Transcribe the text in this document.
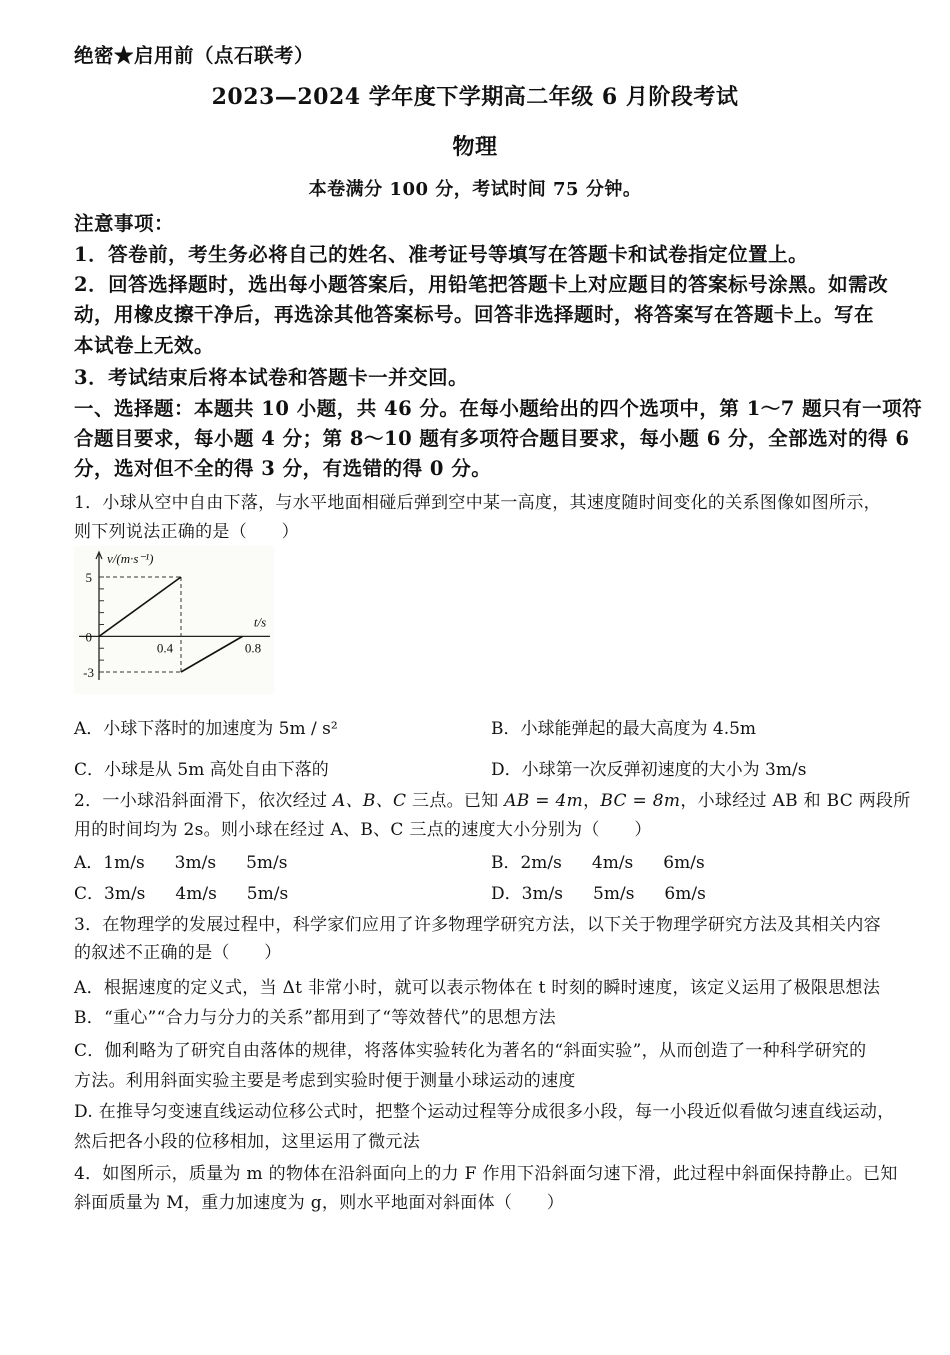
绝密★启用前（点石联考）
2023—2024 学年度下学期高二年级 6 月阶段考试
物理
本卷满分 100 分，考试时间 75 分钟。
注意事项：
1．答卷前，考生务必将自己的姓名、准考证号等填写在答题卡和试卷指定位置上。
2．回答选择题时，选出每小题答案后，用铅笔把答题卡上对应题目的答案标号涂黑。如需改
动，用橡皮擦干净后，再选涂其他答案标号。回答非选择题时，将答案写在答题卡上。写在
本试卷上无效。
3．考试结束后将本试卷和答题卡一并交回。
一、选择题：本题共 10 小题，共 46 分。在每小题给出的四个选项中，第 1～7 题只有一项符
合题目要求，每小题 4 分；第 8～10 题有多项符合题目要求，每小题 6 分，全部选对的得 6
分，选对但不全的得 3 分，有选错的得 0 分。
1．小球从空中自由下落，与水平地面相碰后弹到空中某一高度，其速度随时间变化的关系图像如图所示，
则下列说法正确的是（　　）
v/(m·s⁻¹)
t/s
5
0
-3
0.4	0.8
A．小球下落时的加速度为 5m / s²	B．小球能弹起的最大高度为 4.5m
C．小球是从 5m 高处自由下落的	D．小球第一次反弹初速度的大小为 3m/s
2．一小球沿斜面滑下，依次经过 A、B、C 三点。已知 AB = 4m，BC = 8m，小球经过 AB 和 BC 两段所
用的时间均为 2s。则小球在经过 A、B、C 三点的速度大小分别为（　　）
A．1m/s 3m/s 5m/s	B．2m/s 4m/s 6m/s
C．3m/s 4m/s 5m/s	D．3m/s 5m/s 6m/s
3．在物理学的发展过程中，科学家们应用了许多物理学研究方法，以下关于物理学研究方法及其相关内容
的叙述不正确的是（　　）
A．根据速度的定义式，当 Δt 非常小时，就可以表示物体在 t 时刻的瞬时速度，该定义运用了极限思想法
B．“重心”“合力与分力的关系”都用到了“等效替代”的思想方法
C．伽利略为了研究自由落体的规律，将落体实验转化为著名的“斜面实验”，从而创造了一种科学研究的
方法。利用斜面实验主要是考虑到实验时便于测量小球运动的速度
D. 在推导匀变速直线运动位移公式时，把整个运动过程等分成很多小段，每一小段近似看做匀速直线运动，
然后把各小段的位移相加，这里运用了微元法
4．如图所示，质量为 m 的物体在沿斜面向上的力 F 作用下沿斜面匀速下滑，此过程中斜面保持静止。已知
斜面质量为 M，重力加速度为 g，则水平地面对斜面体（　　）
